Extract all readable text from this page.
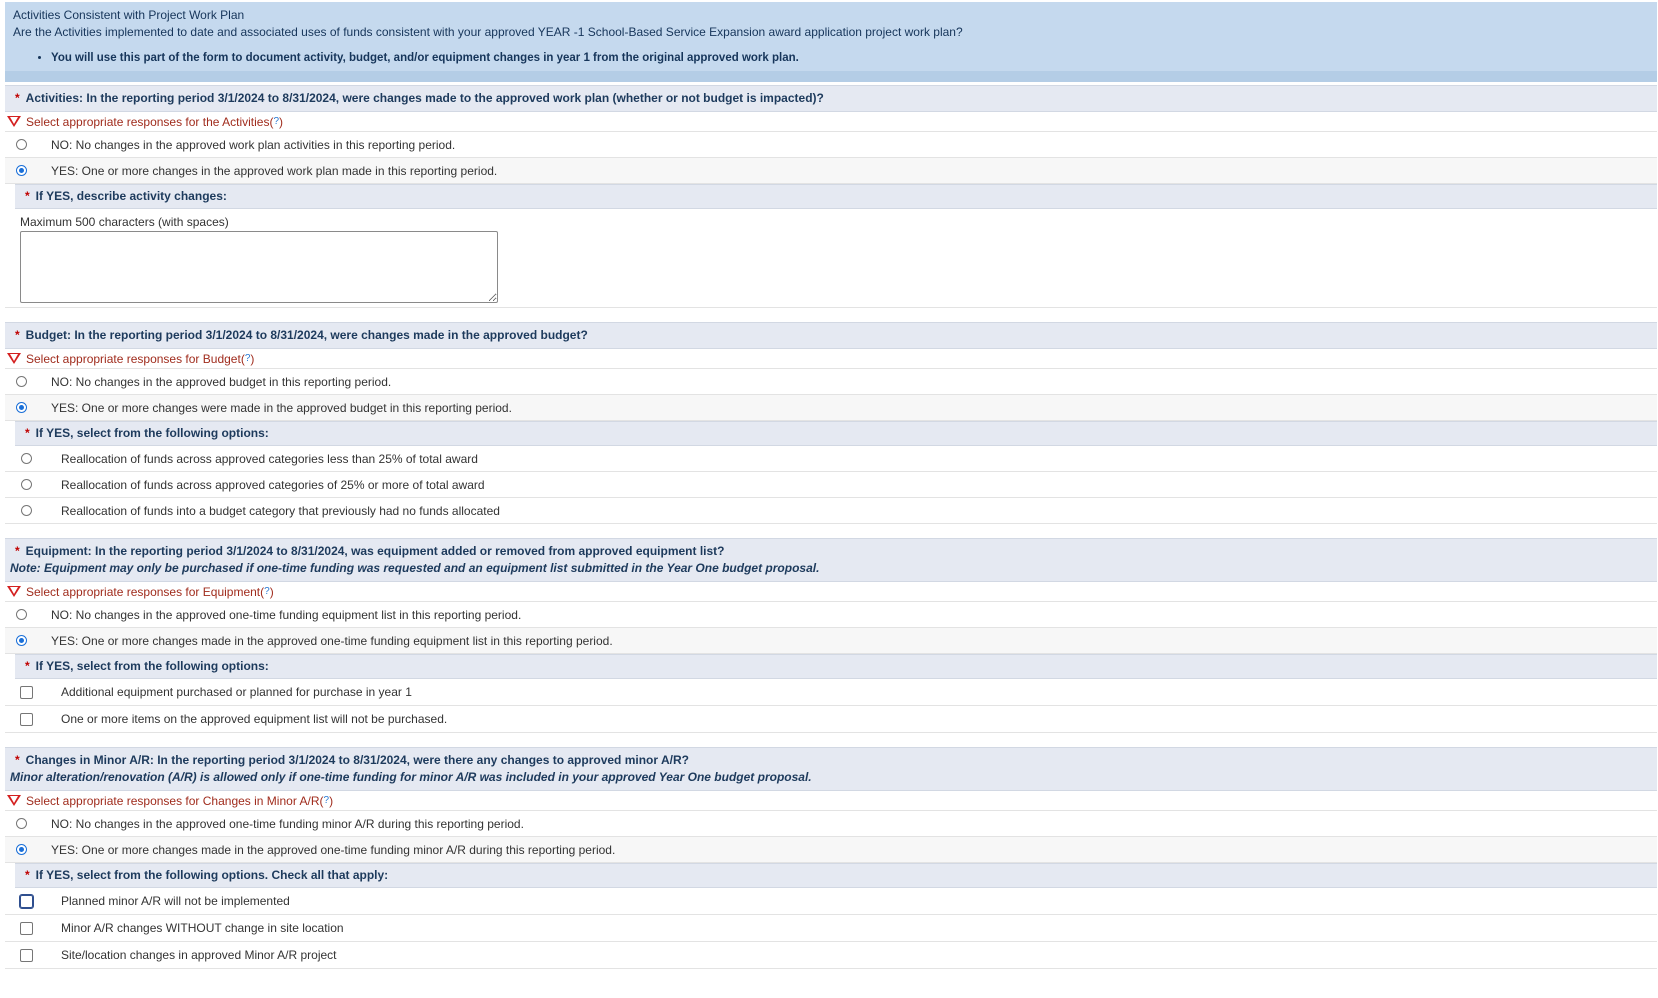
Activities Consistent with Project Work Plan
Are the Activities implemented to date and associated uses of funds consistent with your approved YEAR -1 School-Based Service Expansion award application project work plan?
• You will use this part of the form to document activity, budget, and/or equipment changes in year 1 from the original approved work plan.
* Activities: In the reporting period 3/1/2024 to 8/31/2024, were changes made to the approved work plan (whether or not budget is impacted)?
Select appropriate responses for the Activities ( ? )
NO: No changes in the approved work plan activities in this reporting period.
YES: One or more changes in the approved work plan made in this reporting period.
* If YES, describe activity changes:
Maximum 500 characters (with spaces)
* Budget: In the reporting period 3/1/2024 to 8/31/2024, were changes made in the approved budget?
Select appropriate responses for Budget ( ? )
NO: No changes in the approved budget in this reporting period.
YES: One or more changes were made in the approved budget in this reporting period.
* If YES, select from the following options:
Reallocation of funds across approved categories less than 25% of total award
Reallocation of funds across approved categories of 25% or more of total award
Reallocation of funds into a budget category that previously had no funds allocated
* Equipment: In the reporting period 3/1/2024 to 8/31/2024, was equipment added or removed from approved equipment list?
Note: Equipment may only be purchased if one-time funding was requested and an equipment list submitted in the Year One budget proposal.
Select appropriate responses for Equipment ( ? )
NO: No changes in the approved one-time funding equipment list in this reporting period.
YES: One or more changes made in the approved one-time funding equipment list in this reporting period.
* If YES, select from the following options:
Additional equipment purchased or planned for purchase in year 1
One or more items on the approved equipment list will not be purchased.
* Changes in Minor A/R: In the reporting period 3/1/2024 to 8/31/2024, were there any changes to approved minor A/R?
Minor alteration/renovation (A/R) is allowed only if one-time funding for minor A/R was included in your approved Year One budget proposal.
Select appropriate responses for Changes in Minor A/R ( ? )
NO: No changes in the approved one-time funding minor A/R during this reporting period.
YES: One or more changes made in the approved one-time funding minor A/R during this reporting period.
* If YES, select from the following options. Check all that apply:
Planned minor A/R will not be implemented
Minor A/R changes WITHOUT change in site location
Site/location changes in approved Minor A/R project
